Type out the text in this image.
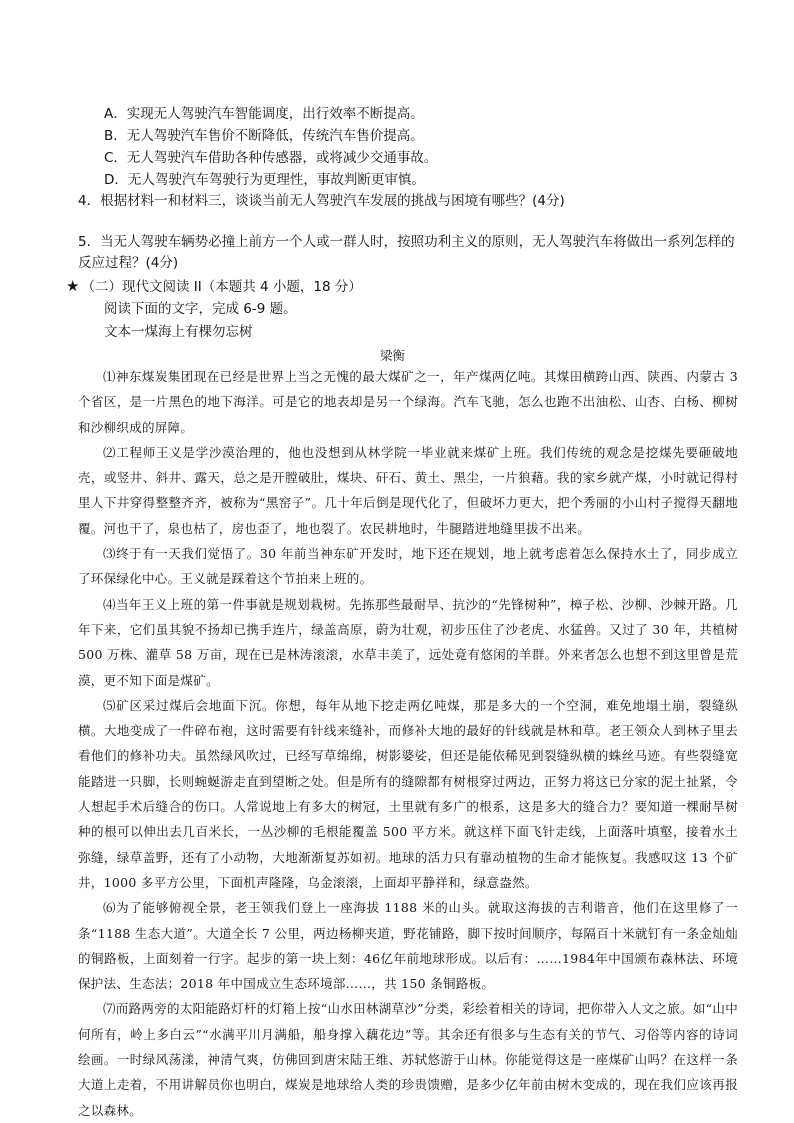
A．实现无人驾驶汽车智能调度，出行效率不断提高。
B．无人驾驶汽车售价不断降低，传统汽车售价提高。
C．无人驾驶汽车借助各种传感器，或将减少交通事故。
D．无人驾驶汽车驾驶行为更理性，事故判断更审慎。
4．根据材料一和材料三，谈谈当前无人驾驶汽车发展的挑战与困境有哪些？(4分)
5．当无人驾驶车辆势必撞上前方一个人或一群人时，按照功利主义的原则，无人驾驶汽车将做出一系列怎样的反应过程？(4分)
★ （二）现代文阅读 II（本题共 4 小题，18 分）
阅读下面的文字，完成 6-9 题。
文本一煤海上有棵勿忘树
梁衡

⑴神东煤炭集团现在已经是世界上当之无愧的最大煤矿之一，年产煤两亿吨。其煤田横跨山西、陕西、内蒙古 3 个省区，是一片黑色的地下海洋。可是它的地表却是另一个绿海。汽车飞驰，怎么也跑不出油松、山杏、白杨、柳树和沙柳织成的屏障。

⑵工程师王义是学沙漠治理的，他也没想到从林学院一毕业就来煤矿上班。我们传统的观念是挖煤先要砸破地壳，或竖井、斜井、露天，总之是开膛破肚，煤块、矸石、黄土、黑尘，一片狼藉。我的家乡就产煤，小时就记得村里人下井穿得整整齐齐，被称为“黑窑子”。几十年后倒是现代化了，但破坏力更大，把个秀丽的小山村子搅得天翻地覆。河也干了，泉也枯了，房也歪了，地也裂了。农民耕地时，牛腿踏进地缝里拔不出来。

⑶终于有一天我们觉悟了。30 年前当神东矿开发时，地下还在规划，地上就考虑着怎么保持水土了，同步成立了环保绿化中心。王义就是踩着这个节拍来上班的。

⑷当年王义上班的第一件事就是规划栽树。先拣那些最耐旱、抗沙的“先锋树种”，樟子松、沙柳、沙棘开路。几年下来，它们虽其貌不扬却已携手连片，绿盖高原，蔚为壮观，初步压住了沙老虎、水猛兽。又过了 30 年，共植树 500 万株、灌草 58 万亩，现在已是林涛滚滚，水草丰美了，远处竟有悠闲的羊群。外来者怎么也想不到这里曾是荒漠，更不知下面是煤矿。

⑸矿区采过煤后会地面下沉。你想，每年从地下挖走两亿吨煤，那是多大的一个空洞，难免地塌土崩，裂缝纵横。大地变成了一件碎布袍，这时需要有针线来缝补，而修补大地的最好的针线就是林和草。老王领众人到林子里去看他们的修补功夫。虽然绿风吹过，已经写草绵绵，树影婆娑，但还是能依稀见到裂缝纵横的蛛丝马迹。有些裂缝宽能踏进一只脚，长则蜿蜒游走直到望断之处。但是所有的缝隙都有树根穿过两边，正努力将这已分家的泥土扯紧，令人想起手术后缝合的伤口。人常说地上有多大的树冠，土里就有多广的根系，这是多大的缝合力？要知道一棵耐旱树种的根可以伸出去几百米长，一丛沙柳的毛根能覆盖 500 平方米。就这样下面飞针走线，上面落叶填壑，接着水土弥缝，绿草盖野，还有了小动物，大地渐渐复苏如初。地球的活力只有靠动植物的生命才能恢复。我感叹这 13 个矿井，1000 多平方公里，下面机声隆隆，乌金滚滚，上面却平静祥和，绿意盎然。

⑹为了能够俯视全景，老王领我们登上一座海拔 1188 米的山头。就取这海拔的吉利谐音，他们在这里修了一条“1188 生态大道”。大道全长 7 公里，两边杨柳夹道，野花铺路，脚下按时间顺序，每隔百十米就钉有一条金灿灿的铜路板，上面刻着一行字。起步的第一块上刻：46亿年前地球形成。以后有：……1984年中国颁布森林法、环境保护法、生态法；2018 年中国成立生态环境部……，共 150 条铜路板。

⑺而路两旁的太阳能路灯杆的灯箱上按“山水田林湖草沙”分类，彩绘着相关的诗词，把你带入人文之旅。如“山中何所有，岭上多白云”“水满平川月满船，船身撑入藕花边”等。其余还有很多与生态有关的节气、习俗等内容的诗词绘画。一时绿风荡漾，神清气爽，仿佛回到唐宋陆王维、苏轼悠游于山林。你能觉得这是一座煤矿山吗？在这样一条大道上走着，不用讲解员你也明白，煤炭是地球给人类的珍贵馈赠，是多少亿年前由树木变成的，现在我们应该再报之以森林。
